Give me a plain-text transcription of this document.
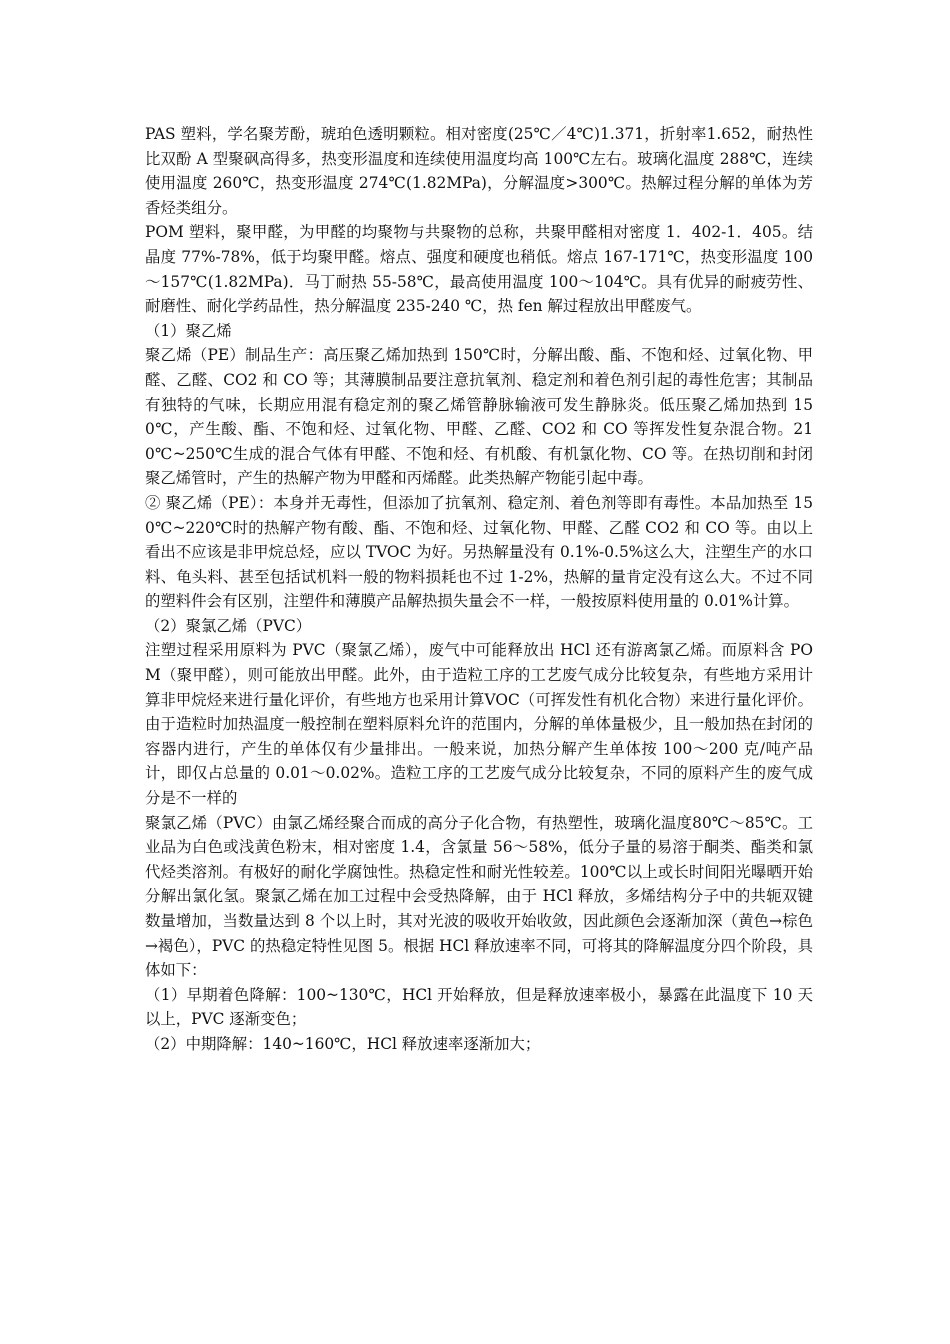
PAS 塑料，学名聚芳酚，琥珀色透明颗粒。相对密度(25℃／4℃)1.371，折射率1.652，耐热性比双酚 A 型聚砜高得多，热变形温度和连续使用温度均高 100℃左右。玻璃化温度 288℃，连续使用温度 260℃，热变形温度 274℃(1.82MPa)，分解温度>300℃。热解过程分解的单体为芳香烃类组分。

POM 塑料，聚甲醛，为甲醛的均聚物与共聚物的总称，共聚甲醛相对密度 1．402-1．405。结晶度 77%-78%，低于均聚甲醛。熔点、强度和硬度也稍低。熔点 167-171℃，热变形温度 100～157℃(1.82MPa)．马丁耐热 55-58℃，最高使用温度 100～104℃。具有优异的耐疲劳性、耐磨性、耐化学药品性，热分解温度 235-240 ℃，热 fen 解过程放出甲醛废气。

（1）聚乙烯

聚乙烯（PE）制品生产：高压聚乙烯加热到 150℃时，分解出酸、酯、不饱和烃、过氧化物、甲醛、乙醛、CO2 和 CO 等；其薄膜制品要注意抗氧剂、稳定剂和着色剂引起的毒性危害；其制品有独特的气味，长期应用混有稳定剂的聚乙烯管静脉输液可发生静脉炎。低压聚乙烯加热到 150℃，产生酸、酯、不饱和烃、过氧化物、甲醛、乙醛、CO2 和 CO 等挥发性复杂混合物。210℃~250℃生成的混合气体有甲醛、不饱和烃、有机酸、有机氯化物、CO 等。在热切削和封闭聚乙烯管时，产生的热解产物为甲醛和丙烯醛。此类热解产物能引起中毒。

② 聚乙烯（PE）：本身并无毒性，但添加了抗氧剂、稳定剂、着色剂等即有毒性。本品加热至 150℃~220℃时的热解产物有酸、酯、不饱和烃、过氧化物、甲醛、乙醛 CO2 和 CO 等。由以上看出不应该是非甲烷总烃，应以 TVOC 为好。另热解量没有 0.1%-0.5%这么大，注塑生产的水口料、龟头料、甚至包括试机料一般的物料损耗也不过 1-2%，热解的量肯定没有这么大。不过不同的塑料件会有区别，注塑件和薄膜产品解热损失量会不一样，一般按原料使用量的 0.01%计算。

（2）聚氯乙烯（PVC）

注塑过程采用原料为 PVC（聚氯乙烯），废气中可能释放出 HCl 还有游离氯乙烯。而原料含 POM（聚甲醛），则可能放出甲醛。此外，由于造粒工序的工艺废气成分比较复杂，有些地方采用计算非甲烷烃来进行量化评价，有些地方也采用计算VOC（可挥发性有机化合物）来进行量化评价。由于造粒时加热温度一般控制在塑料原料允许的范围内，分解的单体量极少，且一般加热在封闭的容器内进行，产生的单体仅有少量排出。一般来说，加热分解产生单体按 100～200 克/吨产品计，即仅占总量的 0.01～0.02%。造粒工序的工艺废气成分比较复杂，不同的原料产生的废气成分是不一样的

聚氯乙烯（PVC）由氯乙烯经聚合而成的高分子化合物，有热塑性，玻璃化温度80℃～85℃。工业品为白色或浅黄色粉末，相对密度 1.4，含氯量 56～58%，低分子量的易溶于酮类、酯类和氯代烃类溶剂。有极好的耐化学腐蚀性。热稳定性和耐光性较差。100℃以上或长时间阳光曝晒开始分解出氯化氢。聚氯乙烯在加工过程中会受热降解，由于 HCl 释放，多烯结构分子中的共轭双键数量增加，当数量达到 8 个以上时，其对光波的吸收开始收敛，因此颜色会逐渐加深（黄色→棕色→褐色），PVC 的热稳定特性见图 5。根据 HCl 释放速率不同，可将其的降解温度分四个阶段，具体如下：

（1）早期着色降解：100~130℃，HCl 开始释放，但是释放速率极小，暴露在此温度下 10 天以上，PVC 逐渐变色；

（2）中期降解：140~160℃，HCl 释放速率逐渐加大；
